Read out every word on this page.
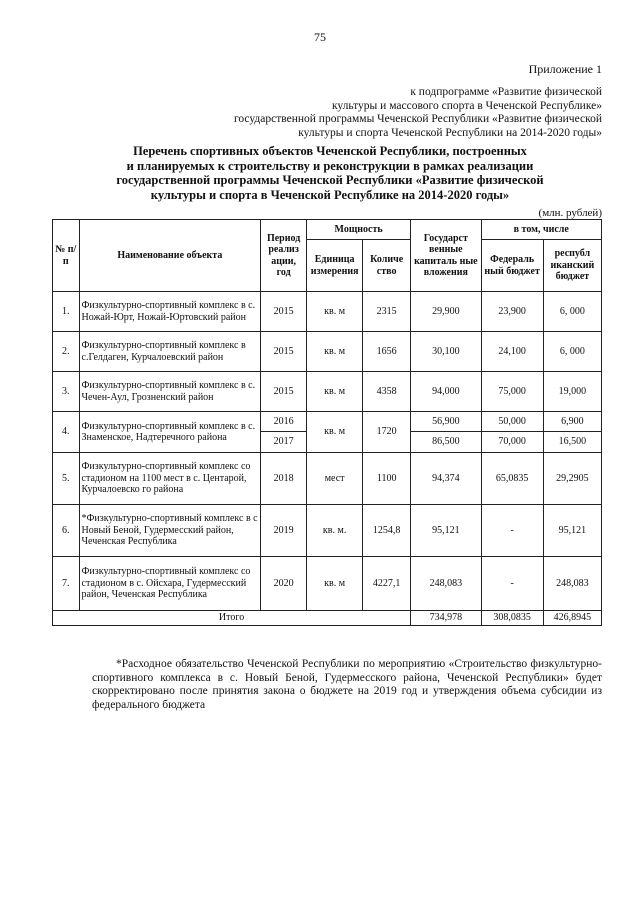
75
Приложение 1
к подпрограмме «Развитие физической
культуры и массового спорта в Чеченской Республике»
государственной программы Чеченской Республики «Развитие физической
культуры и спорта Чеченской Республики на 2014-2020 годы»
Перечень спортивных объектов Чеченской Республики, построенных
и планируемых к строительству и реконструкции в рамках реализации
государственной программы Чеченской Республики «Развитие физической
культуры и спорта в Чеченской Республике на 2014-2020 годы»
(млн. рублей)
№ п/п	Наименование объекта	Период реализ ации, год	Мощность		Государст венные капиталь ные вложения	в том, числе	
			Единица измерения	Количе ство		Федераль ный бюджет	республ иканский бюджет
1.	Физкультурно-спортивный комплекс в с. Ножай-Юрт, Ножай-Юртовский район	2015	кв. м	2315	29,900	23,900	6, 000
2.	Физкультурно-спортивный комплекс в с.Гелдаген, Курчалоевский район	2015	кв. м	1656	30,100	24,100	6, 000
3.	Физкультурно-спортивный комплекс в с. Чечен-Аул, Грозненский район	2015	кв. м	4358	94,000	75,000	19,000
4.	Физкультурно-спортивный комплекс в с. Знаменское, Надтеречного района	2016	кв. м	1720	56,900	50,000	6,900
		2017			86,500	70,000	16,500
5.	Физкультурно-спортивный комплекс со стадионом на 1100 мест в с. Центарой, Курчалоевско го района	2018	мест	1100	94,374	65,0835	29,2905
6.	*Физкультурно-спортивный комплекс в с Новый Беной, Гудермесский район, Чеченская Республика	2019	кв. м.	1254,8	95,121	-	95,121
7.	Физкультурно-спортивный комплекс со стадионом в с. Ойсхара, Гудермесский район, Чеченская Республика	2020	кв. м	4227,1	248,083	-	248,083
Итого					734,978	308,0835	426,8945
*Расходное обязательство Чеченской Республики по мероприятию «Строительство физкультурно-спортивного комплекса в с. Новый Беной, Гудермесского района, Чеченской Республики» будет скорректировано после принятия закона о бюджете на 2019 год и утверждения объема субсидии из федерального бюджета
